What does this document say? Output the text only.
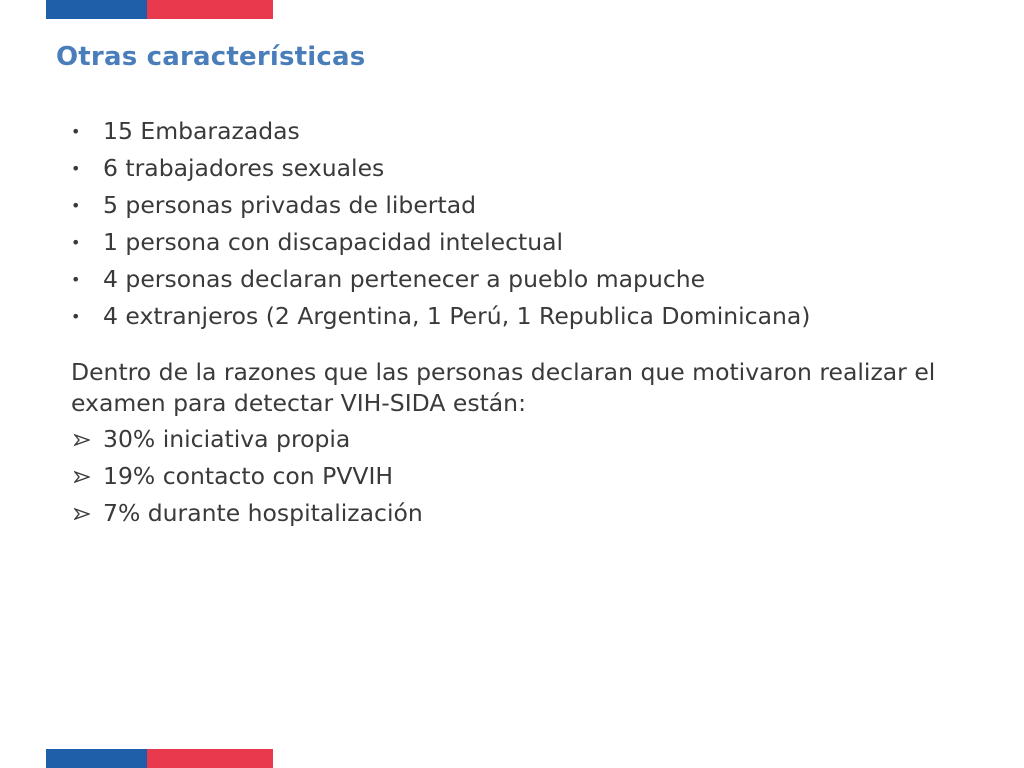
Otras características
• 15 Embarazadas
• 6 trabajadores sexuales
• 5 personas privadas de libertad
• 1 persona con discapacidad intelectual
• 4 personas declaran pertenecer a pueblo mapuche
• 4 extranjeros (2 Argentina, 1 Perú, 1 Republica Dominicana)

Dentro de la razones que las personas declaran que motivaron realizar el examen para detectar VIH-SIDA están:

30% iniciativa propia
19% contacto con PVVIH
7% durante hospitalización
